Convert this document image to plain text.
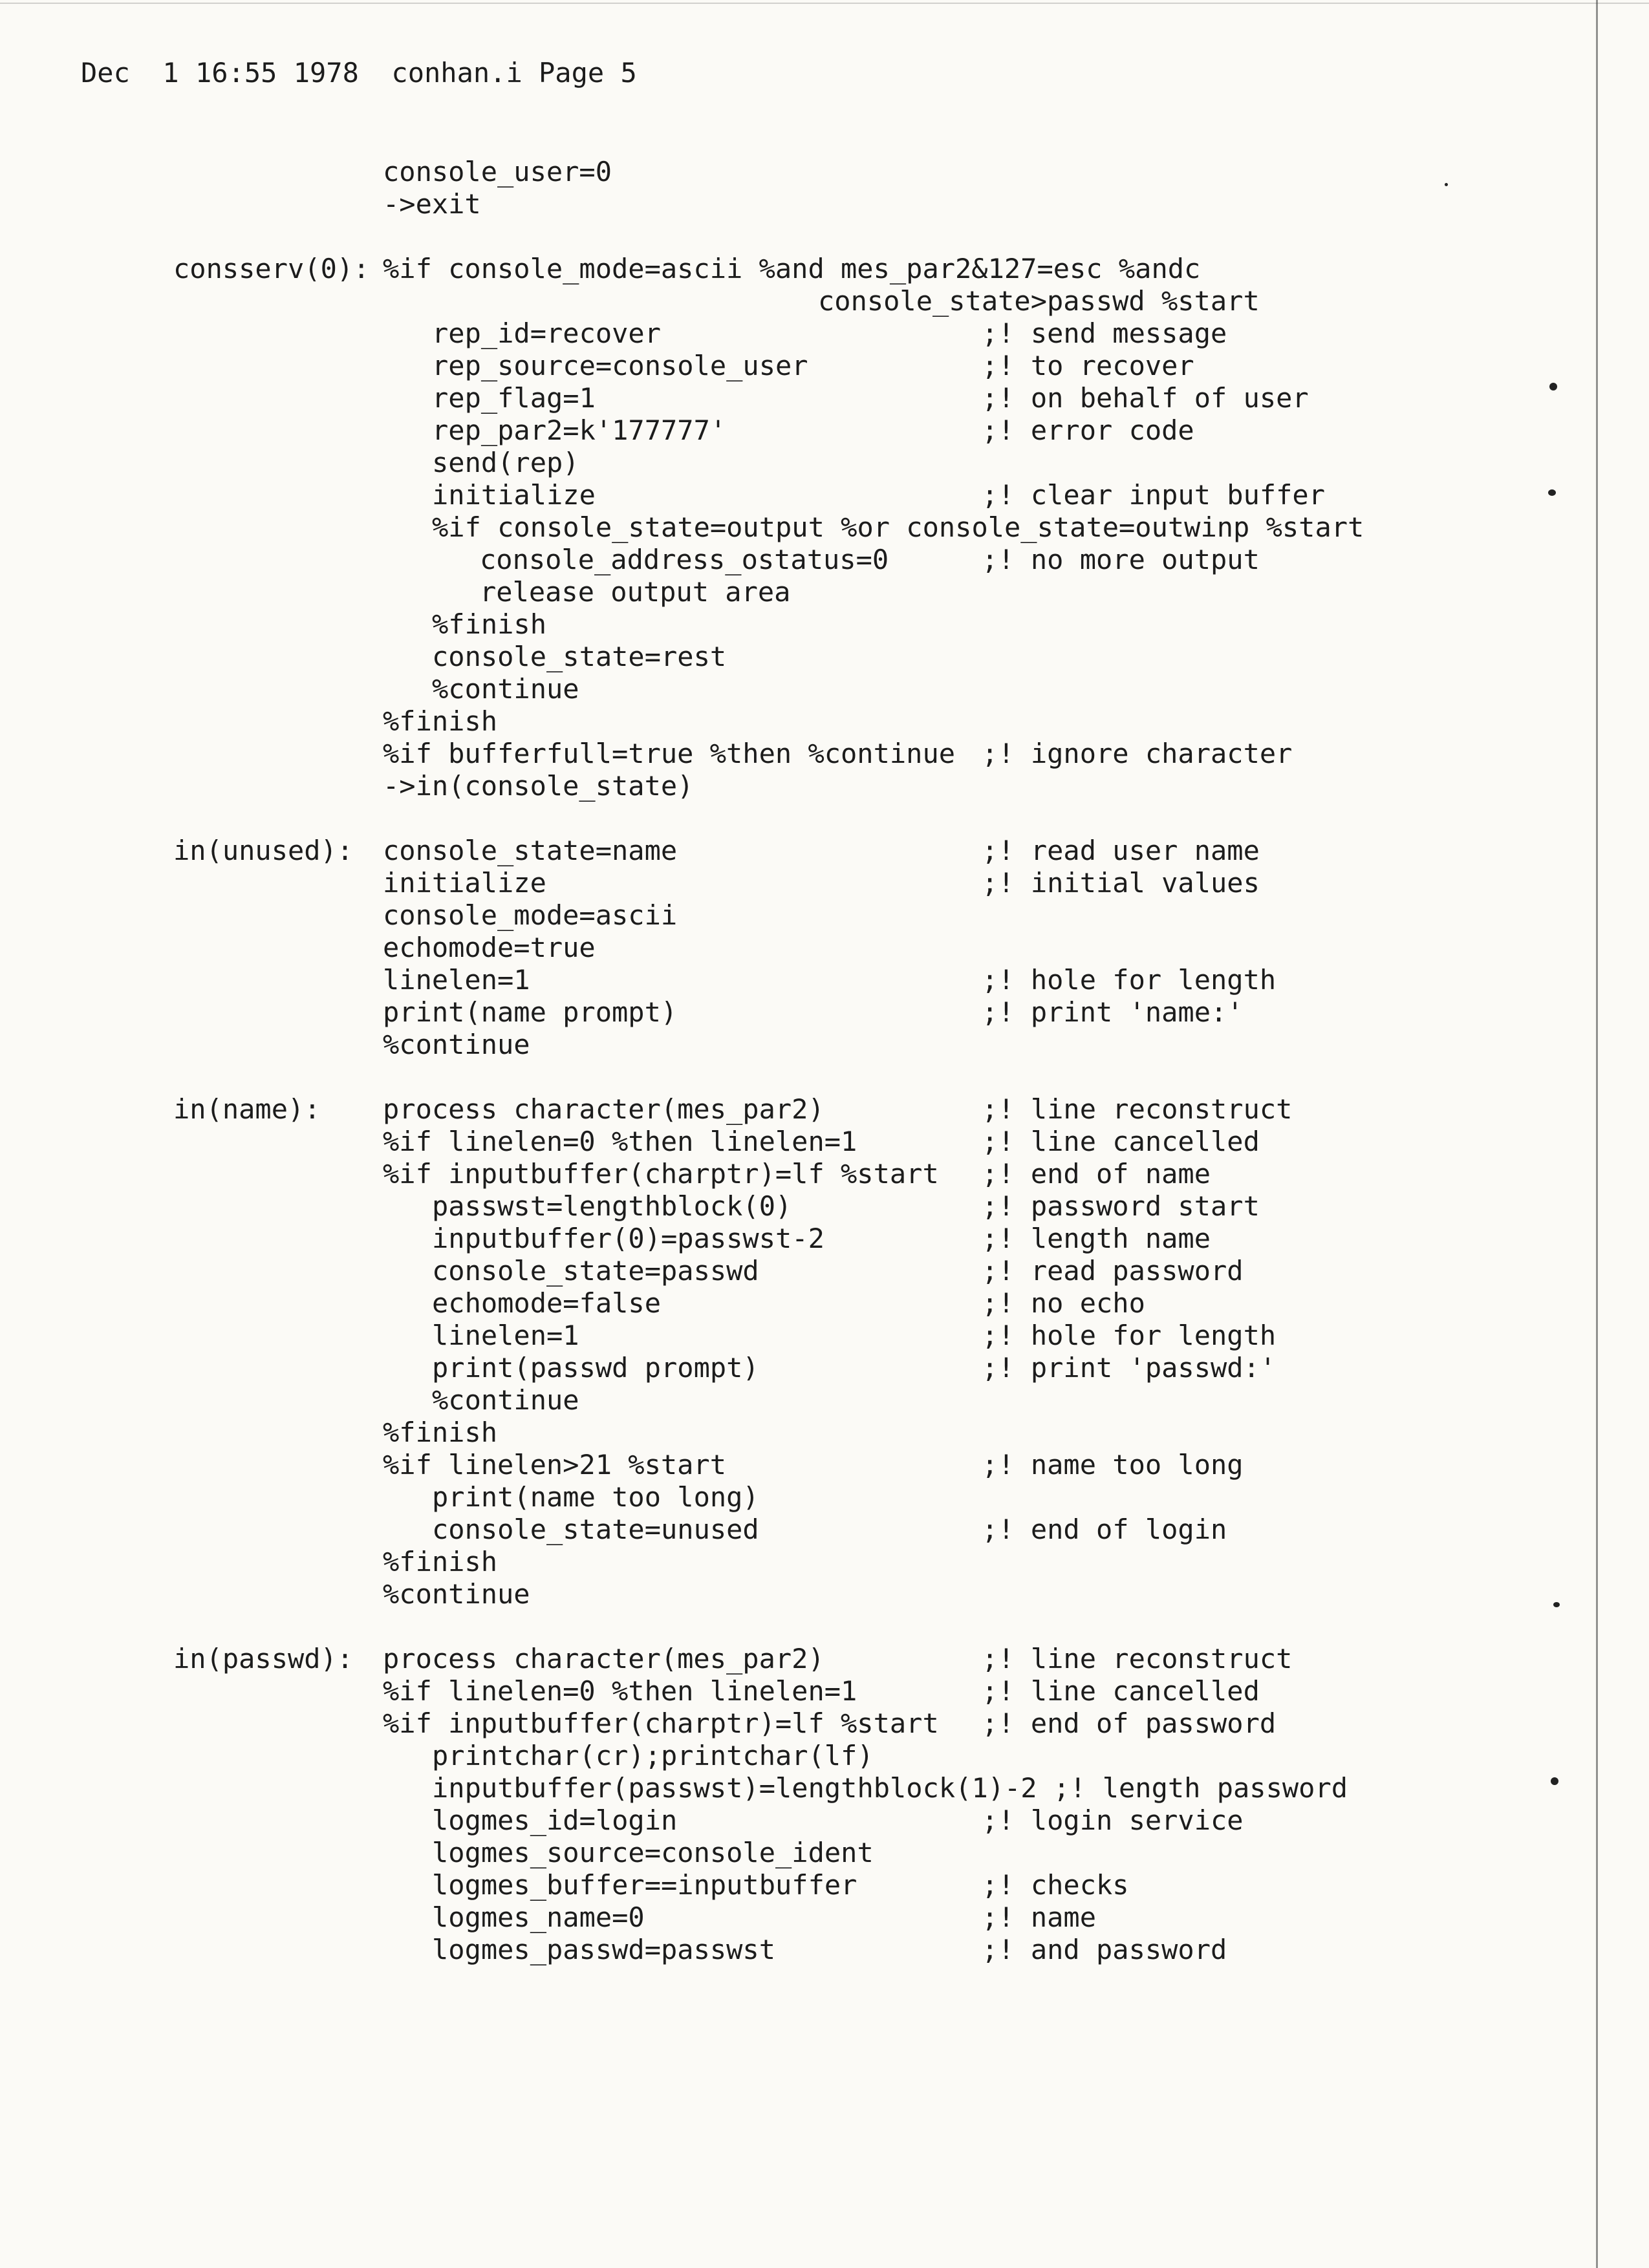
Dec  1 16:55 1978  conhan.i Page 5
console_user=0
->exit
consserv(0): %if console_mode=ascii %and mes_par2&127=esc %andc
console_state>passwd %start
rep_id=recover	;! send message
rep_source=console_user	;! to recover
rep_flag=1	;! on behalf of user
rep_par2=k'177777'	;! error code
send(rep)
initialize	;! clear input buffer
%if console_state=output %or console_state=outwinp %start
console_address_ostatus=0	;! no more output
release output area
%finish
console_state=rest
%continue
%finish
%if bufferfull=true %then %continue ;! ignore character
->in(console_state)
in(unused): console_state=name	;! read user name
initialize	;! initial values
console_mode=ascii
echomode=true
linelen=1	;! hole for length
print(name prompt)	;! print 'name:'
%continue
in(name): process character(mes_par2)	;! line reconstruct
%if linelen=0 %then linelen=1	;! line cancelled
%if inputbuffer(charptr)=lf %start ;! end of name
passwst=lengthblock(0)	;! password start
inputbuffer(0)=passwst-2	;! length name
console_state=passwd	;! read password
echomode=false	;! no echo
linelen=1	;! hole for length
print(passwd prompt)	;! print 'passwd:'
%continue
%finish
%if linelen>21 %start	;! name too long
print(name too long)
console_state=unused	;! end of login
%finish
%continue
in(passwd): process character(mes_par2)	;! line reconstruct
%if linelen=0 %then linelen=1	;! line cancelled
%if inputbuffer(charptr)=lf %start ;! end of password
printchar(cr);printchar(lf)
inputbuffer(passwst)=lengthblock(1)-2 ;! length password
logmes_id=login	;! login service
logmes_source=console_ident
logmes_buffer==inputbuffer	;! checks
logmes_name=0	;! name
logmes_passwd=passwst	;! and password
